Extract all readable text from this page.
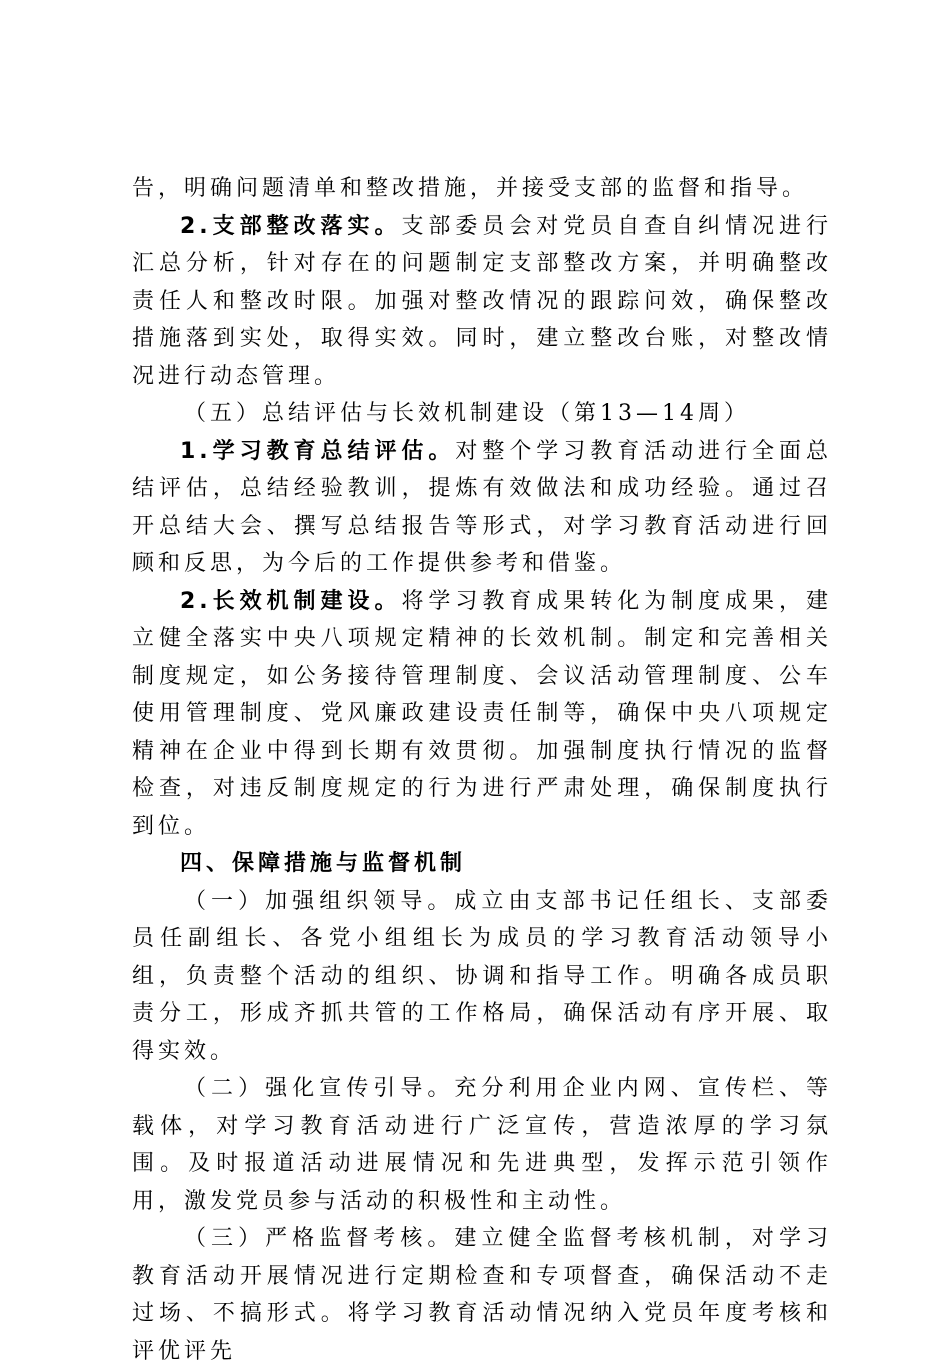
告，明确问题清单和整改措施，并接受支部的监督和指导。

2.支部整改落实。支部委员会对党员自查自纠情况进行汇总分析，针对存在的问题制定支部整改方案，并明确整改责任人和整改时限。加强对整改情况的跟踪问效，确保整改措施落到实处，取得实效。同时，建立整改台账，对整改情况进行动态管理。

（五）总结评估与长效机制建设（第13—14周）

1.学习教育总结评估。对整个学习教育活动进行全面总结评估，总结经验教训，提炼有效做法和成功经验。通过召开总结大会、撰写总结报告等形式，对学习教育活动进行回顾和反思，为今后的工作提供参考和借鉴。

2.长效机制建设。将学习教育成果转化为制度成果，建立健全落实中央八项规定精神的长效机制。制定和完善相关制度规定，如公务接待管理制度、会议活动管理制度、公车使用管理制度、党风廉政建设责任制等，确保中央八项规定精神在企业中得到长期有效贯彻。加强制度执行情况的监督检查，对违反制度规定的行为进行严肃处理，确保制度执行到位。

四、保障措施与监督机制

（一）加强组织领导。成立由支部书记任组长、支部委员任副组长、各党小组组长为成员的学习教育活动领导小组，负责整个活动的组织、协调和指导工作。明确各成员职责分工，形成齐抓共管的工作格局，确保活动有序开展、取得实效。

（二）强化宣传引导。充分利用企业内网、宣传栏、等载体，对学习教育活动进行广泛宣传，营造浓厚的学习氛围。及时报道活动进展情况和先进典型，发挥示范引领作用，激发党员参与活动的积极性和主动性。

（三）严格监督考核。建立健全监督考核机制，对学习教育活动开展情况进行定期检查和专项督查，确保活动不走过场、不搞形式。将学习教育活动情况纳入党员年度考核和评优评先
